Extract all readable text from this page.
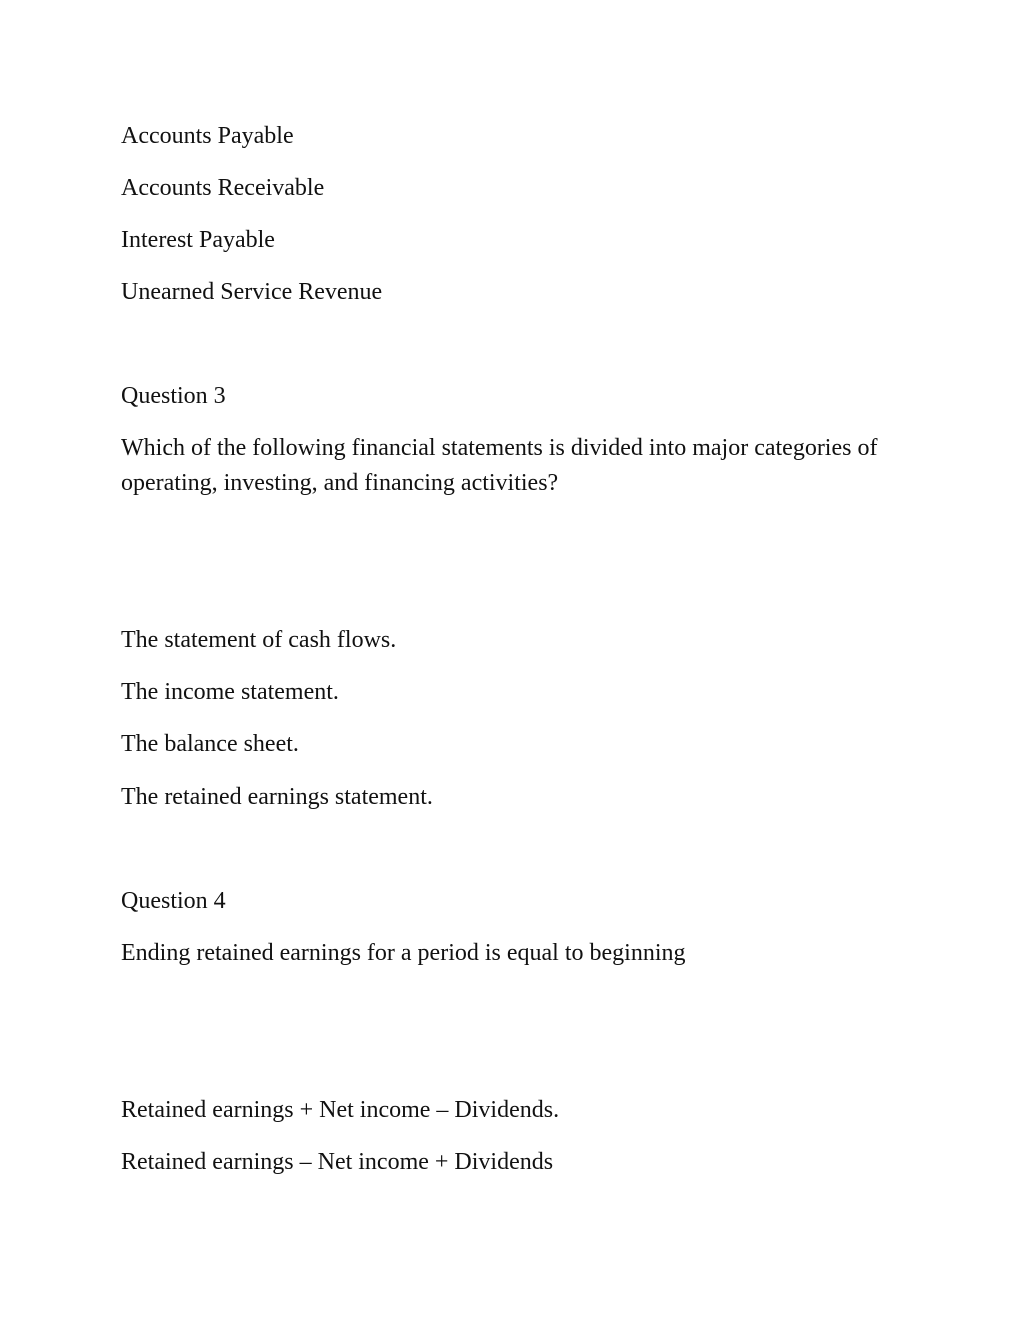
Accounts Payable

Accounts Receivable

Interest Payable

Unearned Service Revenue

Question 3

Which of the following financial statements is divided into major categories of operating, investing, and financing activities?

The statement of cash flows.

The income statement.

The balance sheet.

The retained earnings statement.

Question 4

Ending retained earnings for a period is equal to beginning

Retained earnings + Net income – Dividends.

Retained earnings – Net income + Dividends
